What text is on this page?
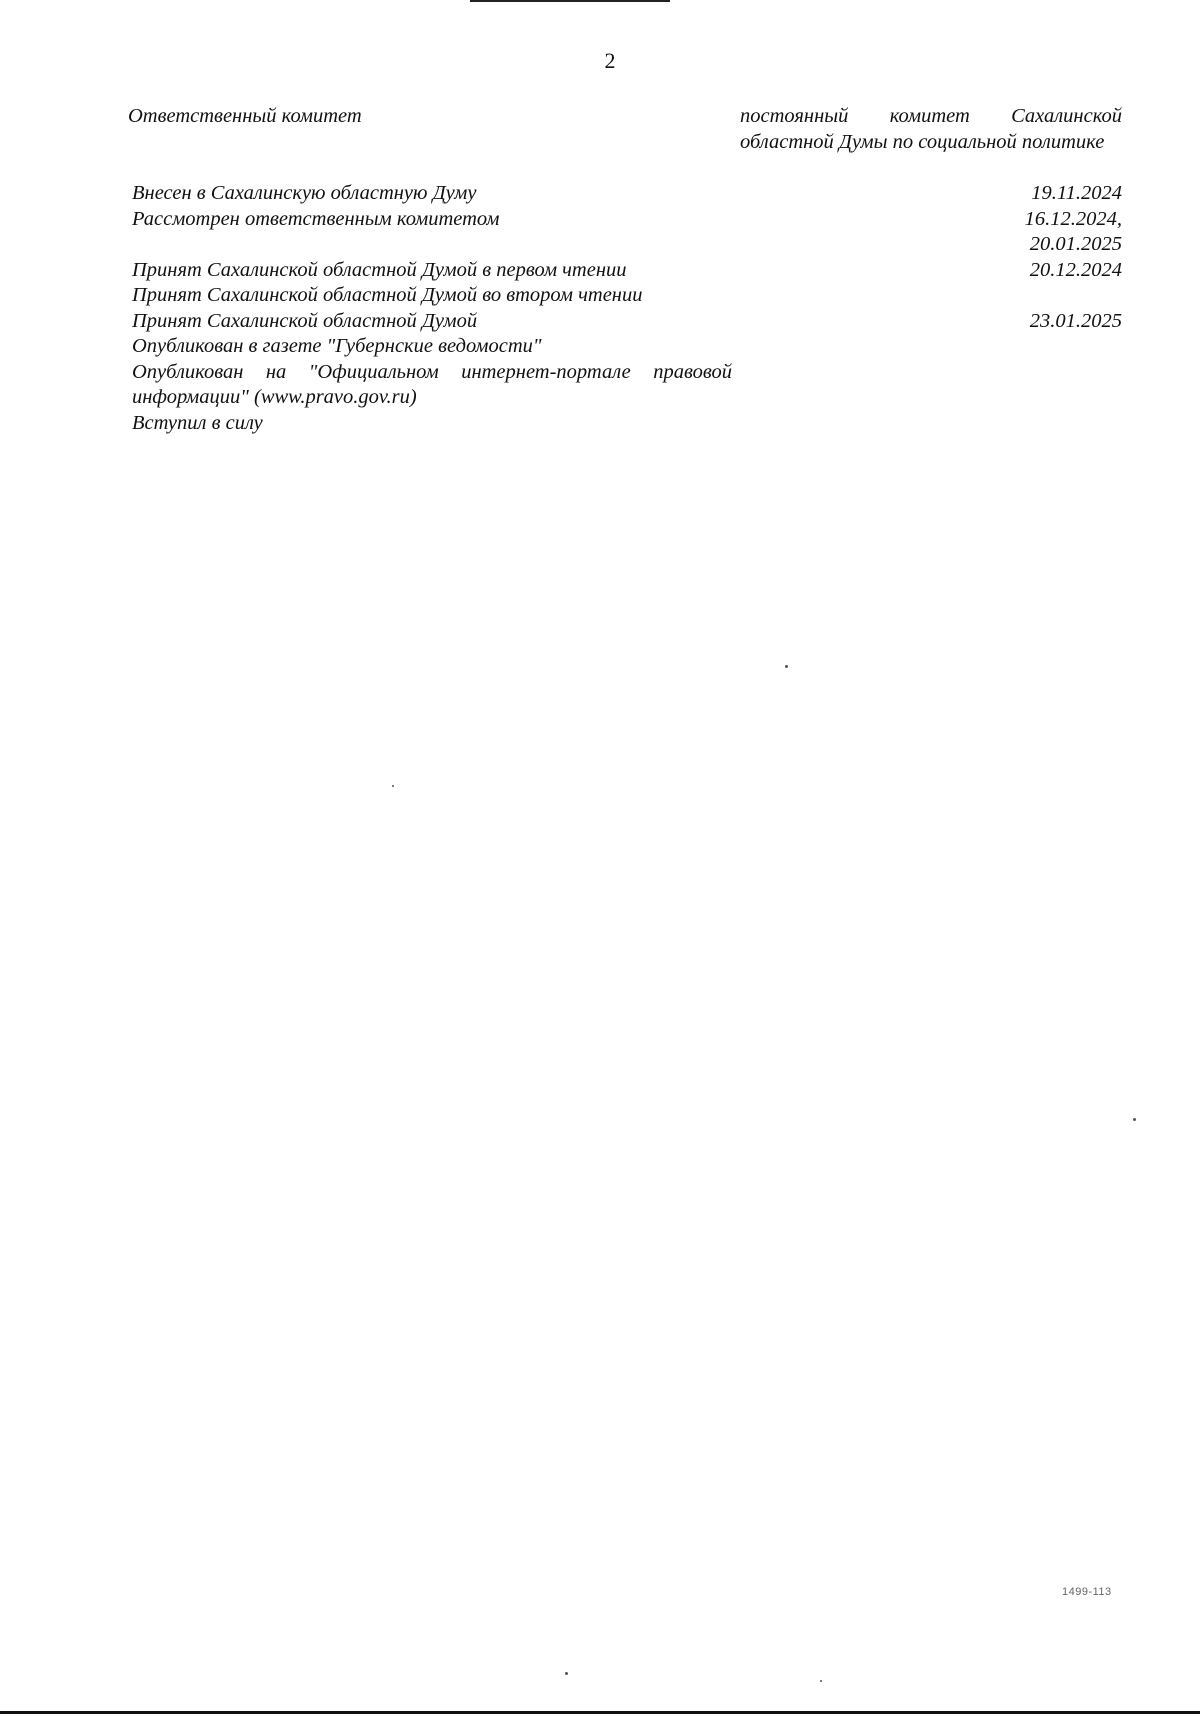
2
Ответственный комитет	постоянный комитет Сахалинской областной Думы по социальной политике
Внесен в Сахалинскую областную Думу	19.11.2024
Рассмотрен ответственным комитетом	16.12.2024,
20.01.2025
Принят Сахалинской областной Думой в первом чтении	20.12.2024
Принят Сахалинской областной Думой во втором чтении
Принят Сахалинской областной Думой	23.01.2025
Опубликован в газете "Губернские ведомости"
Опубликован на "Официальном интернет-портале правовой информации" (www.pravo.gov.ru)
Вступил в силу
1499-113
